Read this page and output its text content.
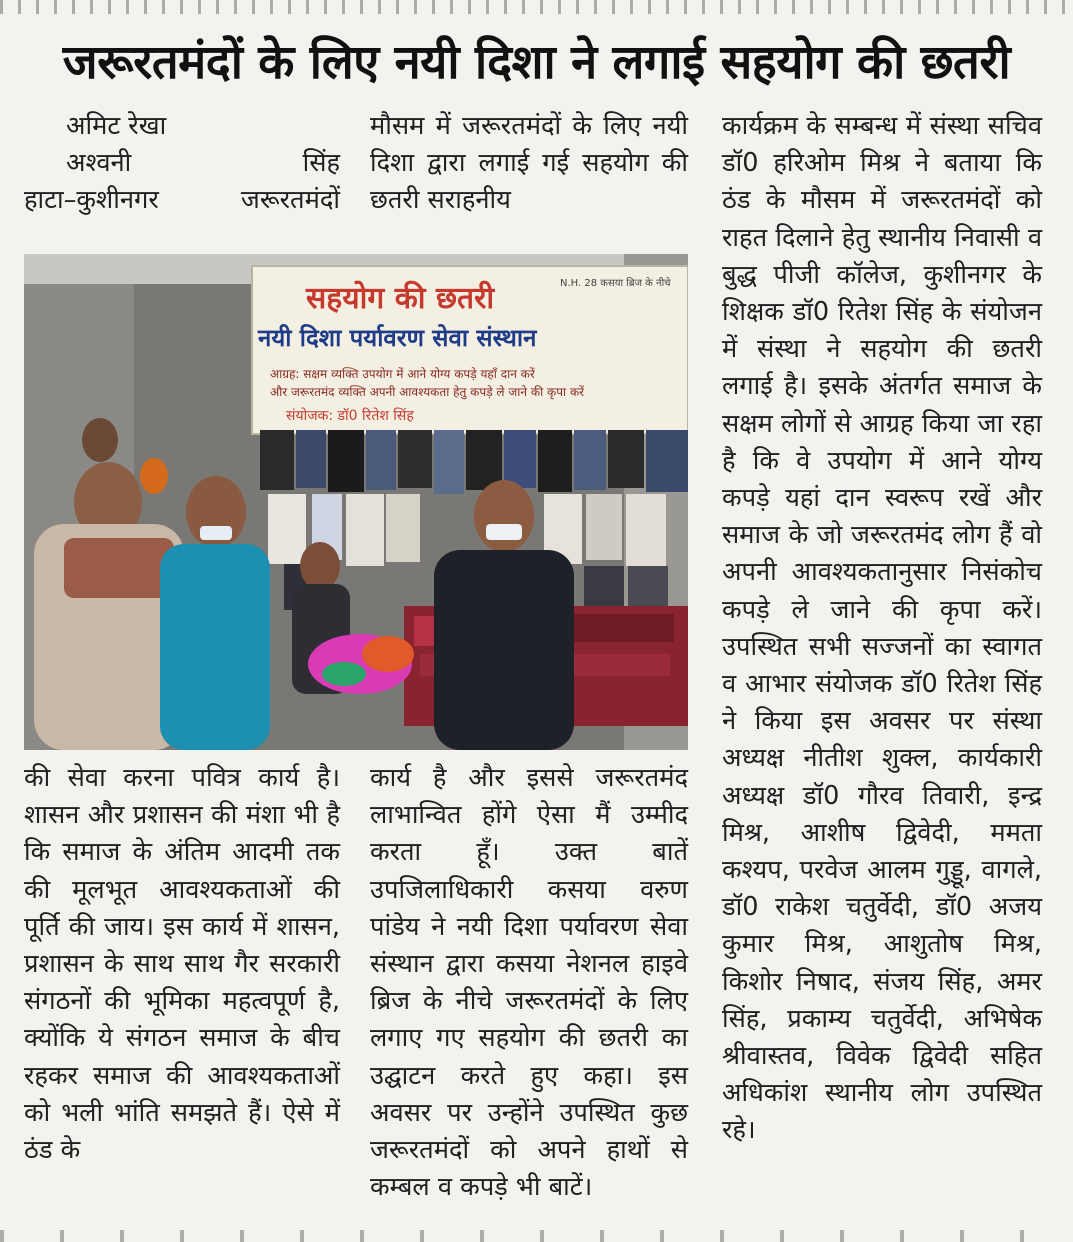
जरूरतमंदों के लिए नयी दिशा ने लगाई सहयोग की छतरी

अमिट रेखा

अश्वनी	सिंह

हाटा–कुशीनगर जरूरतमंदों

मौसम में जरूरतमंदों के लिए नयी दिशा द्वारा लगाई गई सहयोग की छतरी सराहनीय

कार्यक्रम के सम्बन्ध में संस्था सचिव डॉ0 हरिओम मिश्र ने बताया कि ठंड के मौसम में जरूरतमंदों को राहत दिलाने हेतु स्थानीय निवासी व बुद्ध पीजी कॉलेज, कुशीनगर के शिक्षक डॉ0 रितेश सिंह के संयोजन में संस्था ने सहयोग की छतरी लगाई है। इसके अंतर्गत समाज के सक्षम लोगों से आग्रह किया जा रहा है कि वे उपयोग में आने योग्य कपड़े यहां दान स्वरूप रखें और समाज के जो जरूरतमंद लोग हैं वो अपनी आवश्यकतानुसार निसंकोच कपड़े ले जाने की कृपा करें। उपस्थित सभी सज्जनों का स्वागत व आभार संयोजक डॉ0 रितेश सिंह ने किया इस अवसर पर संस्था अध्यक्ष नीतीश शुक्ल, कार्यकारी अध्यक्ष डॉ0 गौरव तिवारी, इन्द्र मिश्र, आशीष द्विवेदी, ममता कश्यप, परवेज आलम गुड्डू, वागले, डॉ0 राकेश चतुर्वेदी, डॉ0 अजय कुमार मिश्र, आशुतोष मिश्र, किशोर निषाद, संजय सिंह, अमर सिंह, प्रकाम्य चतुर्वेदी, अभिषेक श्रीवास्तव, विवेक द्विवेदी सहित अधिकांश स्थानीय लोग उपस्थित रहे।

सहयोग की छतरी	N.H. 28 कसया ब्रिज के नीचे
नयी दिशा पर्यावरण सेवा संस्थान
आग्रह: सक्षम व्यक्ति उपयोग में आने योग्य कपड़े यहाँ दान करें
और जरूरतमंद व्यक्ति अपनी आवश्यकता हेतु कपड़े ले जाने की कृपा करें
संयोजक: डॉ0 रितेश सिंह

की सेवा करना पवित्र कार्य है। शासन और प्रशासन की मंशा भी है कि समाज के अंतिम आदमी तक की मूलभूत आवश्यकताओं की पूर्ति की जाय। इस कार्य में शासन, प्रशासन के साथ साथ गैर सरकारी संगठनों की भूमिका महत्वपूर्ण है, क्योंकि ये संगठन समाज के बीच रहकर समाज की आवश्यकताओं को भली भांति समझते हैं। ऐसे में ठंड के

कार्य है और इससे जरूरतमंद लाभान्वित होंगे ऐसा मैं उम्मीद करता हूँ। उक्त बातें उपजिलाधिकारी कसया वरुण पांडेय ने नयी दिशा पर्यावरण सेवा संस्थान द्वारा कसया नेशनल हाइवे ब्रिज के नीचे जरूरतमंदों के लिए लगाए गए सहयोग की छतरी का उद्घाटन करते हुए कहा। इस अवसर पर उन्होंने उपस्थित कुछ जरूरतमंदों को अपने हाथों से कम्बल व कपड़े भी बाटें।
